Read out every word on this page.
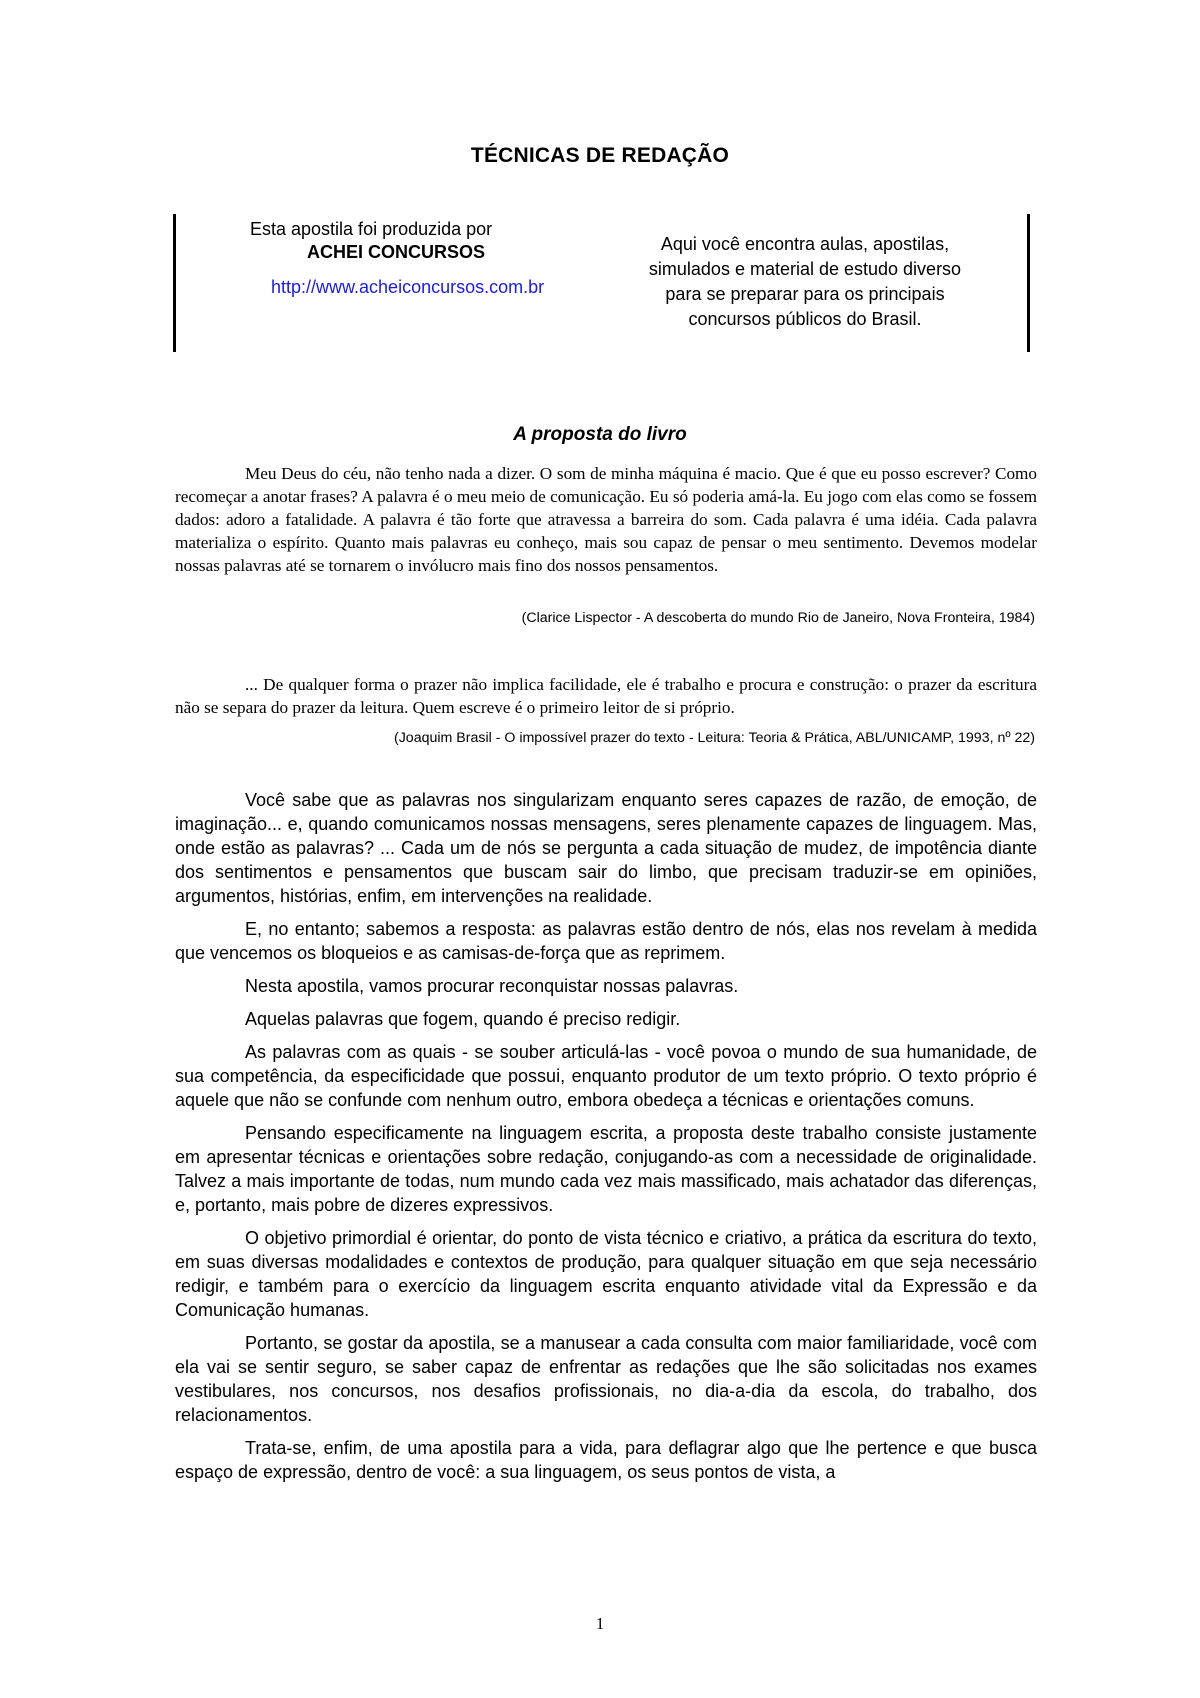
TÉCNICAS DE REDAÇÃO
Esta apostila foi produzida por
ACHEI CONCURSOS
http://www.acheiconcursos.com.br
Aqui você encontra aulas, apostilas,
simulados e material de estudo diverso
para se preparar para os principais
concursos públicos do Brasil.
A proposta do livro

Meu Deus do céu, não tenho nada a dizer. O som de minha máquina é macio. Que é que eu posso escrever? Como recomeçar a anotar frases? A palavra é o meu meio de comunicação. Eu só poderia amá-la. Eu jogo com elas como se fossem dados: adoro a fatalidade. A palavra é tão forte que atravessa a barreira do som. Cada palavra é uma idéia. Cada palavra materializa o espírito. Quanto mais palavras eu conheço, mais sou capaz de pensar o meu sentimento. Devemos modelar nossas palavras até se tornarem o invólucro mais fino dos nossos pensamentos.

(Clarice Lispector - A descoberta do mundo Rio de Janeiro, Nova Fronteira, 1984)

... De qualquer forma o prazer não implica facilidade, ele é trabalho e procura e construção: o prazer da escritura não se separa do prazer da leitura. Quem escreve é o primeiro leitor de si próprio.

(Joaquim Brasil - O impossível prazer do texto - Leitura: Teoria & Prática, ABL/UNICAMP, 1993, nº 22)

Você sabe que as palavras nos singularizam enquanto seres capazes de razão, de emoção, de imaginação... e, quando comunicamos nossas mensagens, seres plenamente capazes de linguagem. Mas, onde estão as palavras? ... Cada um de nós se pergunta a cada situação de mudez, de impotência diante dos sentimentos e pensamentos que buscam sair do limbo, que precisam traduzir-se em opiniões, argumentos, histórias, enfim, em intervenções na realidade.

E, no entanto; sabemos a resposta: as palavras estão dentro de nós, elas nos revelam à medida que vencemos os bloqueios e as camisas-de-força que as reprimem.

Nesta apostila, vamos procurar reconquistar nossas palavras.

Aquelas palavras que fogem, quando é preciso redigir.

As palavras com as quais - se souber articulá-las - você povoa o mundo de sua humanidade, de sua competência, da especificidade que possui, enquanto produtor de um texto próprio. O texto próprio é aquele que não se confunde com nenhum outro, embora obedeça a técnicas e orientações comuns.

Pensando especificamente na linguagem escrita, a proposta deste trabalho consiste justamente em apresentar técnicas e orientações sobre redação, conjugando-as com a necessidade de originalidade. Talvez a mais importante de todas, num mundo cada vez mais massificado, mais achatador das diferenças, e, portanto, mais pobre de dizeres expressivos.

O objetivo primordial é orientar, do ponto de vista técnico e criativo, a prática da escritura do texto, em suas diversas modalidades e contextos de produção, para qualquer situação em que seja necessário redigir, e também para o exercício da linguagem escrita enquanto atividade vital da Expressão e da Comunicação humanas.

Portanto, se gostar da apostila, se a manusear a cada consulta com maior familiaridade, você com ela vai se sentir seguro, se saber capaz de enfrentar as redações que lhe são solicitadas nos exames vestibulares, nos concursos, nos desafios profissionais, no dia-a-dia da escola, do trabalho, dos relacionamentos.

Trata-se, enfim, de uma apostila para a vida, para deflagrar algo que lhe pertence e que busca espaço de expressão, dentro de você: a sua linguagem, os seus pontos de vista, a

1
